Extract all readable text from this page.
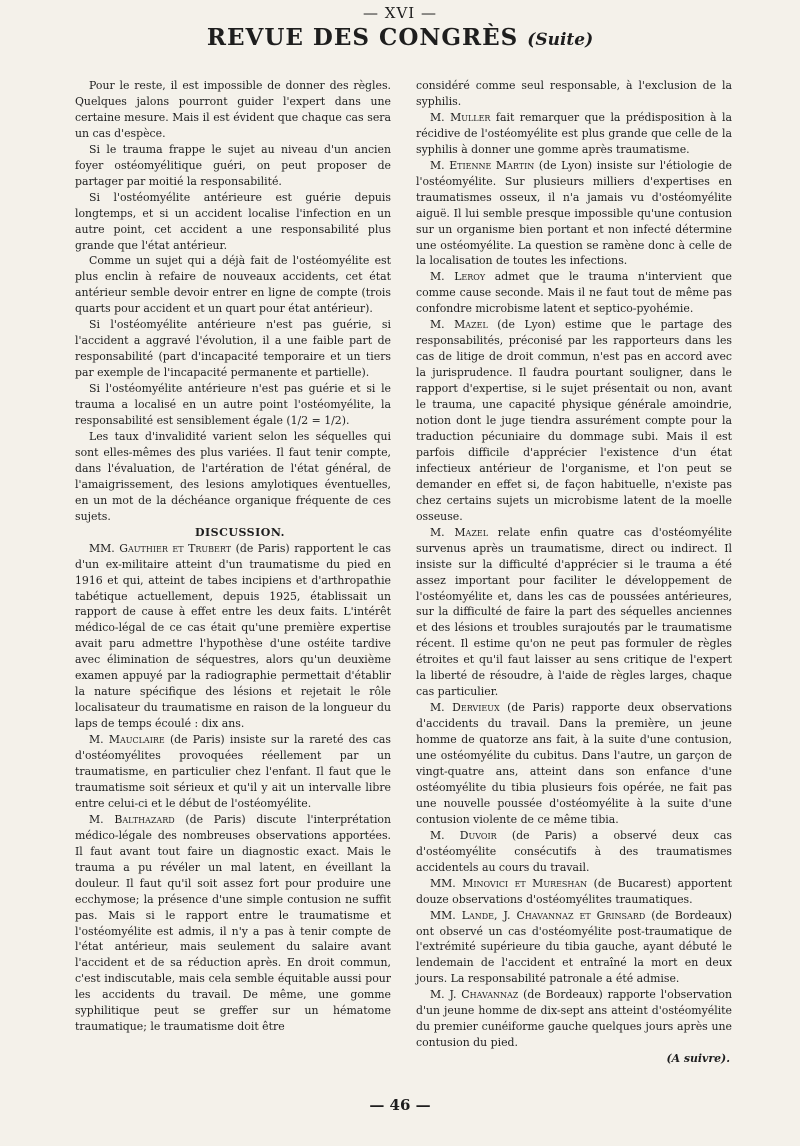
— XVI —
REVUE DES CONGRÈS (Suite)

Pour le reste, il est impossible de donner des règles. Quelques jalons pourront guider l'expert dans une certaine mesure. Mais il est évident que chaque cas sera un cas d'espèce.

Si le trauma frappe le sujet au niveau d'un ancien foyer ostéomyélitique guéri, on peut proposer de partager par moitié la responsabilité.

Si l'ostéomyélite antérieure est guérie depuis longtemps, et si un accident localise l'infection en un autre point, cet accident a une responsabilité plus grande que l'état antérieur.

Comme un sujet qui a déjà fait de l'ostéomyélite est plus enclin à refaire de nouveaux accidents, cet état antérieur semble devoir entrer en ligne de compte (trois quarts pour accident et un quart pour état antérieur).

Si l'ostéomyélite antérieure n'est pas guérie, si l'accident a aggravé l'évolution, il a une faible part de responsabilité (part d'incapacité temporaire et un tiers par exemple de l'incapacité permanente et partielle).

Si l'ostéomyélite antérieure n'est pas guérie et si le trauma a localisé en un autre point l'ostéomyélite, la responsabilité est sensiblement égale (1/2 = 1/2).

Les taux d'invalidité varient selon les séquelles qui sont elles-mêmes des plus variées. Il faut tenir compte, dans l'évaluation, de l'artération de l'état général, de l'amaigrissement, des lesions amylotiques éventuelles, en un mot de la déchéance organique fréquente de ces sujets.

DISCUSSION.

MM. Gauthier et Trubert (de Paris) rapportent le cas d'un ex-militaire atteint d'un traumatisme du pied en 1916 et qui, atteint de tabes incipiens et d'arthropathie tabétique actuellement, depuis 1925, établissait un rapport de cause à effet entre les deux faits. L'intérêt médico-légal de ce cas était qu'une première expertise avait paru admettre l'hypothèse d'une ostéite tardive avec élimination de séquestres, alors qu'un deuxième examen appuyé par la radiographie permettait d'établir la nature spécifique des lésions et rejetait le rôle localisateur du traumatisme en raison de la longueur du laps de temps écoulé : dix ans.

M. Mauclaire (de Paris) insiste sur la rareté des cas d'ostéomyélites provoquées réellement par un traumatisme, en particulier chez l'enfant. Il faut que le traumatisme soit sérieux et qu'il y ait un intervalle libre entre celui-ci et le début de l'ostéomyélite.

M. Balthazard (de Paris) discute l'interprétation médico-légale des nombreuses observations apportées. Il faut avant tout faire un diagnostic exact. Mais le trauma a pu révéler un mal latent, en éveillant la douleur. Il faut qu'il soit assez fort pour produire une ecchymose; la présence d'une simple contusion ne suffit pas. Mais si le rapport entre le traumatisme et l'ostéomyélite est admis, il n'y a pas à tenir compte de l'état antérieur, mais seulement du salaire avant l'accident et de sa réduction après. En droit commun, c'est indiscutable, mais cela semble équitable aussi pour les accidents du travail. De même, une gomme syphilitique peut se greffer sur un hématome traumatique; le traumatisme doit être

considéré comme seul responsable, à l'exclusion de la syphilis.

M. Muller fait remarquer que la prédisposition à la récidive de l'ostéomyélite est plus grande que celle de la syphilis à donner une gomme après traumatisme.

M. Etienne Martin (de Lyon) insiste sur l'étiologie de l'ostéomyélite. Sur plusieurs milliers d'expertises en traumatismes osseux, il n'a jamais vu d'ostéomyélite aiguë. Il lui semble presque impossible qu'une contusion sur un organisme bien portant et non infecté détermine une ostéomyélite. La question se ramène donc à celle de la localisation de toutes les infections.

M. Leroy admet que le trauma n'intervient que comme cause seconde. Mais il ne faut tout de même pas confondre microbisme latent et septico-pyohémie.

M. Mazel (de Lyon) estime que le partage des responsabilités, préconisé par les rapporteurs dans les cas de litige de droit commun, n'est pas en accord avec la jurisprudence. Il faudra pourtant souligner, dans le rapport d'expertise, si le sujet présentait ou non, avant le trauma, une capacité physique générale amoindrie, notion dont le juge tiendra assurément compte pour la traduction pécuniaire du dommage subi. Mais il est parfois difficile d'apprécier l'existence d'un état infectieux antérieur de l'organisme, et l'on peut se demander en effet si, de façon habituelle, n'existe pas chez certains sujets un microbisme latent de la moelle osseuse.

M. Mazel relate enfin quatre cas d'ostéomyélite survenus après un traumatisme, direct ou indirect. Il insiste sur la difficulté d'apprécier si le trauma a été assez important pour faciliter le développement de l'ostéomyélite et, dans les cas de poussées antérieures, sur la difficulté de faire la part des séquelles anciennes et des lésions et troubles surajoutés par le traumatisme récent. Il estime qu'on ne peut pas formuler de règles étroites et qu'il faut laisser au sens critique de l'expert la liberté de résoudre, à l'aide de règles larges, chaque cas particulier.

M. Dervieux (de Paris) rapporte deux observations d'accidents du travail. Dans la première, un jeune homme de quatorze ans fait, à la suite d'une contusion, une ostéomyélite du cubitus. Dans l'autre, un garçon de vingt-quatre ans, atteint dans son enfance d'une ostéomyélite du tibia plusieurs fois opérée, ne fait pas une nouvelle poussée d'ostéomyélite à la suite d'une contusion violente de ce même tibia.

M. Duvoir (de Paris) a observé deux cas d'ostéomyélite consécutifs à des traumatismes accidentels au cours du travail.

MM. Minovici et Mureshan (de Bucarest) apportent douze observations d'ostéomyélites traumatiques.

MM. Lande, J. Chavannaz et Grinsard (de Bordeaux) ont observé un cas d'ostéomyélite post-traumatique de l'extrémité supérieure du tibia gauche, ayant débuté le lendemain de l'accident et entraîné la mort en deux jours. La responsabilité patronale a été admise.

M. J. Chavannaz (de Bordeaux) rapporte l'observation d'un jeune homme de dix-sept ans atteint d'ostéomyélite du premier cunéiforme gauche quelques jours après une contusion du pied.

(A suivre).

— 46 —
